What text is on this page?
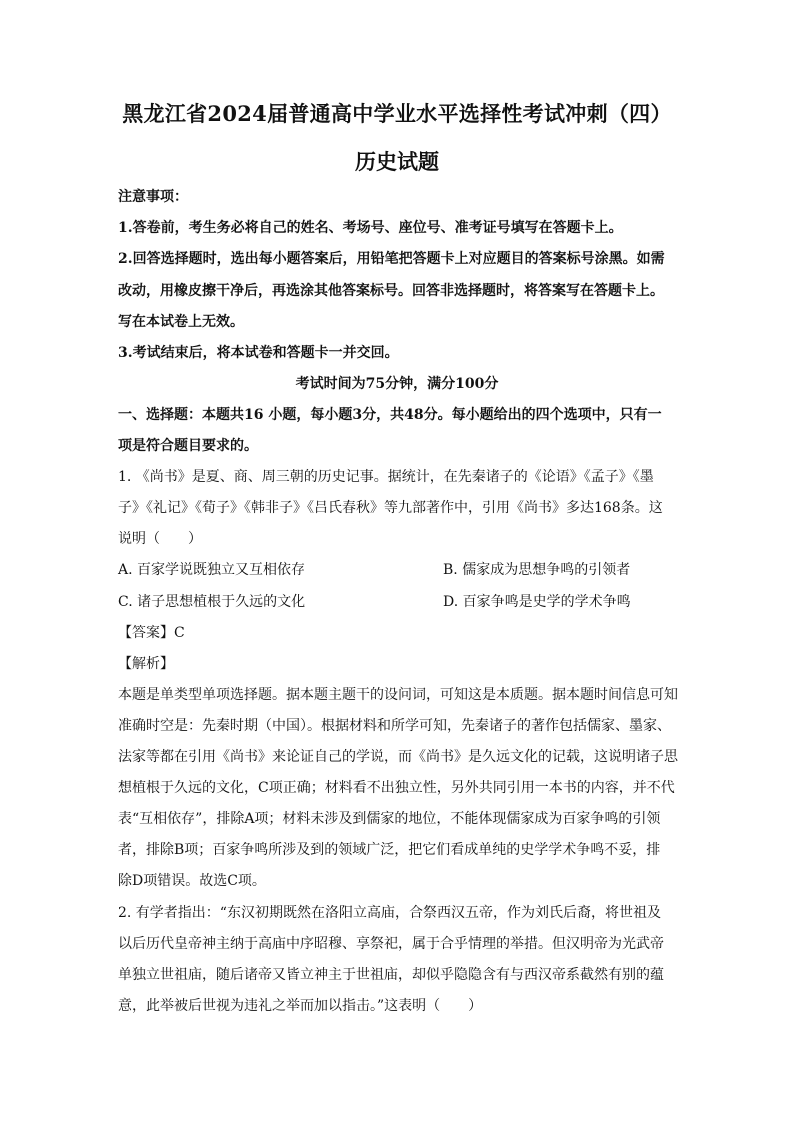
黑龙江省2024届普通高中学业水平选择性考试冲刺（四）
历史试题
注意事项：
1.答卷前，考生务必将自己的姓名、考场号、座位号、准考证号填写在答题卡上。
2.回答选择题时，选出每小题答案后，用铅笔把答题卡上对应题目的答案标号涂黑。如需
改动，用橡皮擦干净后，再选涂其他答案标号。回答非选择题时，将答案写在答题卡上。
写在本试卷上无效。
3.考试结束后，将本试卷和答题卡一并交回。
考试时间为75分钟，满分100分
一、选择题：本题共16 小题，每小题3分，共48分。每小题给出的四个选项中，只有一
项是符合题目要求的。
1. 《尚书》是夏、商、周三朝的历史记事。据统计，在先秦诸子的《论语》《孟子》《墨
子》《礼记》《荀子》《韩非子》《吕氏春秋》等九部著作中，引用《尚书》多达168条。这
说明（　　）
A. 百家学说既独立又互相依存	B. 儒家成为思想争鸣的引领者
C. 诸子思想植根于久远的文化	D. 百家争鸣是史学的学术争鸣
【答案】C
【解析】
本题是单类型单项选择题。据本题主题干的设问词，可知这是本质题。据本题时间信息可知
准确时空是：先秦时期（中国）。根据材料和所学可知，先秦诸子的著作包括儒家、墨家、
法家等都在引用《尚书》来论证自己的学说，而《尚书》是久远文化的记载，这说明诸子思
想植根于久远的文化，C项正确；材料看不出独立性，另外共同引用一本书的内容，并不代
表“互相依存”，排除A项；材料未涉及到儒家的地位，不能体现儒家成为百家争鸣的引领
者，排除B项；百家争鸣所涉及到的领域广泛，把它们看成单纯的史学学术争鸣不妥，排
除D项错误。故选C项。
2. 有学者指出：“东汉初期既然在洛阳立高庙，合祭西汉五帝，作为刘氏后裔，将世祖及
以后历代皇帝神主纳于高庙中序昭穆、享祭祀，属于合乎情理的举措。但汉明帝为光武帝
单独立世祖庙，随后诸帝又皆立神主于世祖庙，却似乎隐隐含有与西汉帝系截然有别的蕴
意，此举被后世视为违礼之举而加以指击。”这表明（　　）
